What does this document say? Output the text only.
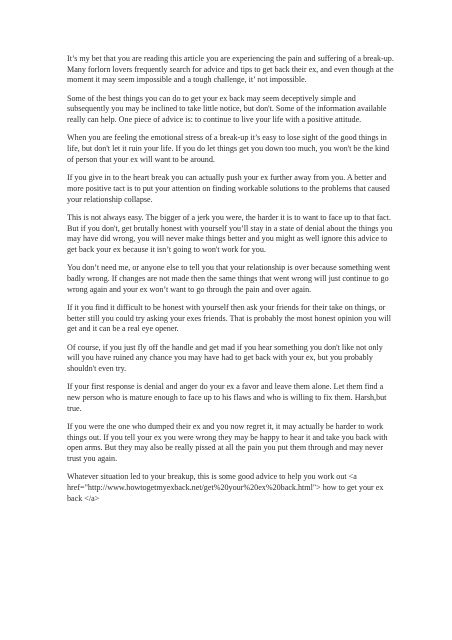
It’s my bet that you are reading this article you are experiencing the pain and suffering of a break-up. Many forlorn lovers frequently search for advice and tips to get back their ex, and even though at the moment it may seem impossible and a tough challenge, it’ not impossible.

Some of the best things you can do to get your ex back may seem deceptively simple and subsequently you may be inclined to take little notice, but don't. Some of the information available really can help. One piece of advice is: to continue to live your life with a positive attitude.

When you are feeling the emotional stress of a break-up it’s easy to lose sight of the good things in life, but don't let it ruin your life. If you do let things get you down too much, you won't be the kind of person that your ex will want to be around.

If you give in to the heart break you can actually push your ex further away from you. A better and more positive tact is to put your attention on finding workable solutions to the problems that caused your relationship collapse.

This is not always easy. The bigger of a jerk you were, the harder it is to want to face up to that fact. But if you don't, get brutally honest with yourself you’ll stay in a state of denial about the things you may have did wrong, you will never make things better and you might as well ignore this advice to get back your ex because it isn’t going to won't work for you.

You don’t need me, or anyone else to tell you that your relationship is over because something went badly wrong. If changes are not made then the same things that went wrong will just continue to go wrong again and your ex won’t want to go through the pain and over again.

If it you find it difficult to be honest with yourself then ask your friends for their take on things, or better still you could try asking your exes friends. That is probably the most honest opinion you will get and it can be a real eye opener.

Of course, if you just fly off the handle and get mad if you hear something you don't like not only will you have ruined any chance you may have had to get back with your ex, but you probably shouldn't even try.

If your first response is denial and anger do your ex a favor and leave them alone. Let them find a new person who is mature enough to face up to his flaws and who is willing to fix them. Harsh,but true.

If you were the one who dumped their ex and you now regret it, it may actually be harder to work things out. If you tell your ex you were wrong they may be happy to hear it and take you back with open arms. But they may also be really pissed at all the pain you put them through and may never trust you again.

Whatever situation led to your breakup, this is some good advice to help you work out <a href="http://www.howtogetmyexback.net/get%20your%20ex%20back.html"> how to get your ex back </a>
